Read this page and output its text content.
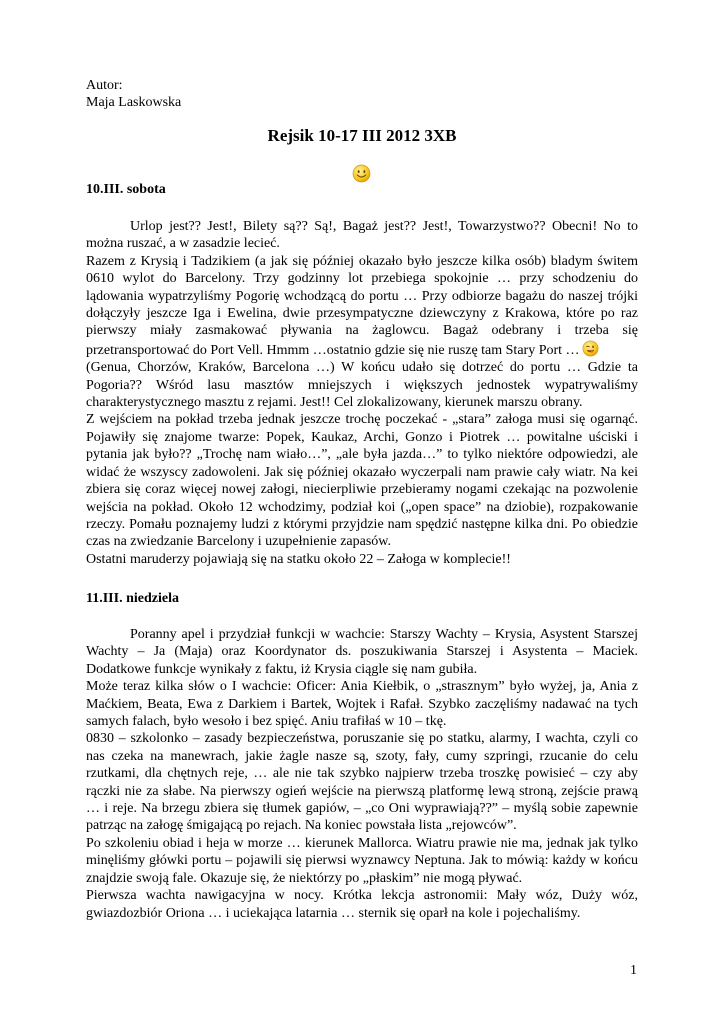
Autor:
Maja Laskowska
Rejsik 10-17 III 2012 3XB
10.III. sobota

Urlop jest?? Jest!, Bilety są?? Są!, Bagaż jest?? Jest!, Towarzystwo?? Obecni! No to można ruszać, a w zasadzie lecieć.

Razem z Krysią i Tadzikiem (a jak się później okazało było jeszcze kilka osób) bladym świtem 0610 wylot do Barcelony. Trzy godzinny lot przebiega spokojnie … przy schodzeniu do lądowania wypatrzyliśmy Pogorię wchodzącą do portu … Przy odbiorze bagażu do naszej trójki dołączyły jeszcze Iga i Ewelina, dwie przesympatyczne dziewczyny z Krakowa, które po raz pierwszy miały zasmakować pływania na żaglowcu. Bagaż odebrany i trzeba się przetransportować do Port Vell. Hmmm …ostatnio gdzie się nie ruszę tam Stary Port …

(Genua, Chorzów, Kraków, Barcelona …) W końcu udało się dotrzeć do portu … Gdzie ta Pogoria?? Wśród lasu masztów mniejszych i większych jednostek wypatrywaliśmy charakterystycznego masztu z rejami. Jest!! Cel zlokalizowany, kierunek marszu obrany.

Z wejściem na pokład trzeba jednak jeszcze trochę poczekać - „stara” załoga musi się ogarnąć. Pojawiły się znajome twarze: Popek, Kaukaz, Archi, Gonzo i Piotrek … powitalne uściski i pytania jak było?? „Trochę nam wiało…”, „ale była jazda…” to tylko niektóre odpowiedzi, ale widać że wszyscy zadowoleni. Jak się później okazało wyczerpali nam prawie cały wiatr. Na kei zbiera się coraz więcej nowej załogi, niecierpliwie przebieramy nogami czekając na pozwolenie wejścia na pokład. Około 12 wchodzimy, podział koi („open space” na dziobie), rozpakowanie rzeczy. Pomału poznajemy ludzi z którymi przyjdzie nam spędzić następne kilka dni. Po obiedzie czas na zwiedzanie Barcelony i uzupełnienie zapasów.

Ostatni maruderzy pojawiają się na statku około 22 – Załoga w komplecie!!

11.III. niedziela

Poranny apel i przydział funkcji w wachcie: Starszy Wachty – Krysia, Asystent Starszej Wachty – Ja (Maja) oraz Koordynator ds. poszukiwania Starszej i Asystenta – Maciek. Dodatkowe funkcje wynikały z faktu, iż Krysia ciągle się nam gubiła.

Może teraz kilka słów o I wachcie: Oficer: Ania Kiełbik, o „strasznym” było wyżej, ja, Ania z Maćkiem, Beata, Ewa z Darkiem i Bartek, Wojtek i Rafał. Szybko zaczęliśmy nadawać na tych samych falach, było wesoło i bez spięć. Aniu trafiłaś w 10 – tkę.

0830 – szkolonko – zasady bezpieczeństwa, poruszanie się po statku, alarmy, I wachta, czyli co nas czeka na manewrach, jakie żagle nasze są, szoty, fały, cumy szpringi, rzucanie do celu rzutkami, dla chętnych reje, … ale nie tak szybko najpierw trzeba troszkę powisieć – czy aby rączki nie za słabe. Na pierwszy ogień wejście na pierwszą platformę lewą stroną, zejście prawą … i reje. Na brzegu zbiera się tłumek gapiów, – „co Oni wyprawiają??” – myślą sobie zapewnie patrząc na załogę śmigającą po rejach. Na koniec powstała lista „rejowców”.

Po szkoleniu obiad i heja w morze … kierunek Mallorca. Wiatru prawie nie ma, jednak jak tylko minęliśmy główki portu – pojawili się pierwsi wyznawcy Neptuna. Jak to mówią: każdy w końcu znajdzie swoją fale. Okazuje się, że niektórzy po „płaskim” nie mogą pływać.

Pierwsza wachta nawigacyjna w nocy. Krótka lekcja astronomii: Mały wóz, Duży wóz, gwiazdozbiór Oriona … i uciekająca latarnia … sternik się oparł na kole i pojechaliśmy.

1
